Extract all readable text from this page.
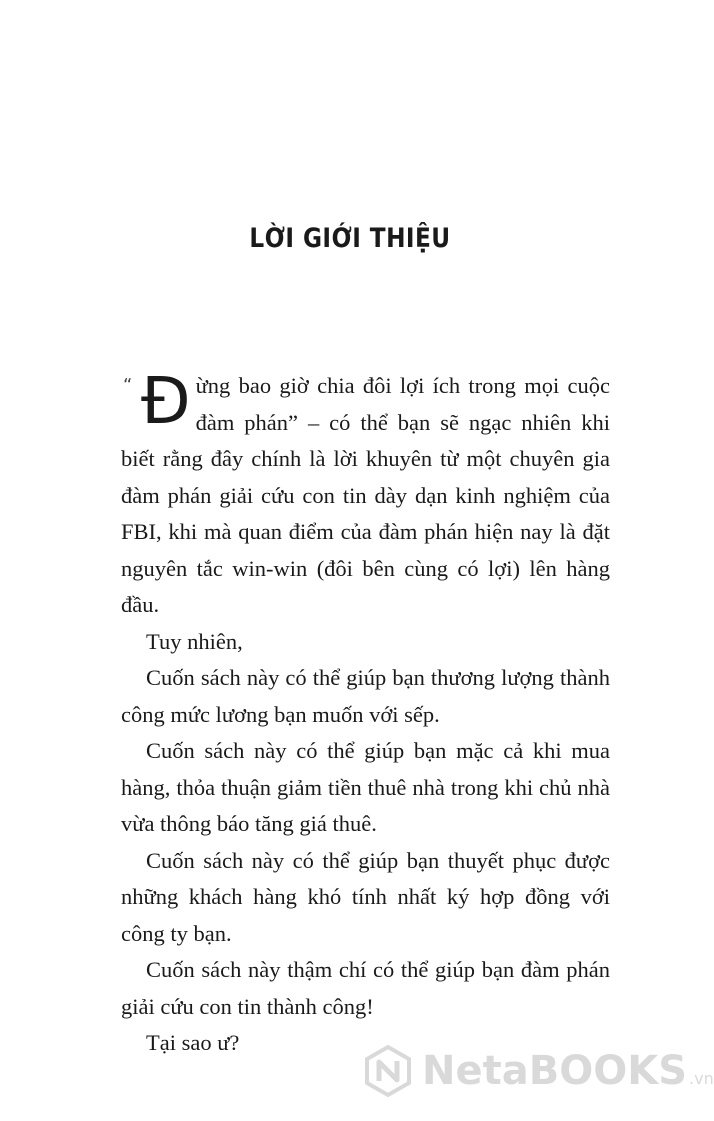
LỜI GIỚI THIỆU

“ Đ ừng bao giờ chia đôi lợi ích trong mọi cuộc đàm phán” – có thể bạn sẽ ngạc nhiên khi biết rằng đây chính là lời khuyên từ một chuyên gia đàm phán giải cứu con tin dày dạn kinh nghiệm của FBI, khi mà quan điểm của đàm phán hiện nay là đặt nguyên tắc win-win (đôi bên cùng có lợi) lên hàng đầu.

Tuy nhiên,

Cuốn sách này có thể giúp bạn thương lượng thành công mức lương bạn muốn với sếp.

Cuốn sách này có thể giúp bạn mặc cả khi mua hàng, thỏa thuận giảm tiền thuê nhà trong khi chủ nhà vừa thông báo tăng giá thuê.

Cuốn sách này có thể giúp bạn thuyết phục được những khách hàng khó tính nhất ký hợp đồng với công ty bạn.

Cuốn sách này thậm chí có thể giúp bạn đàm phán giải cứu con tin thành công!

Tại sao ư?

NetaBOOKS .vn
